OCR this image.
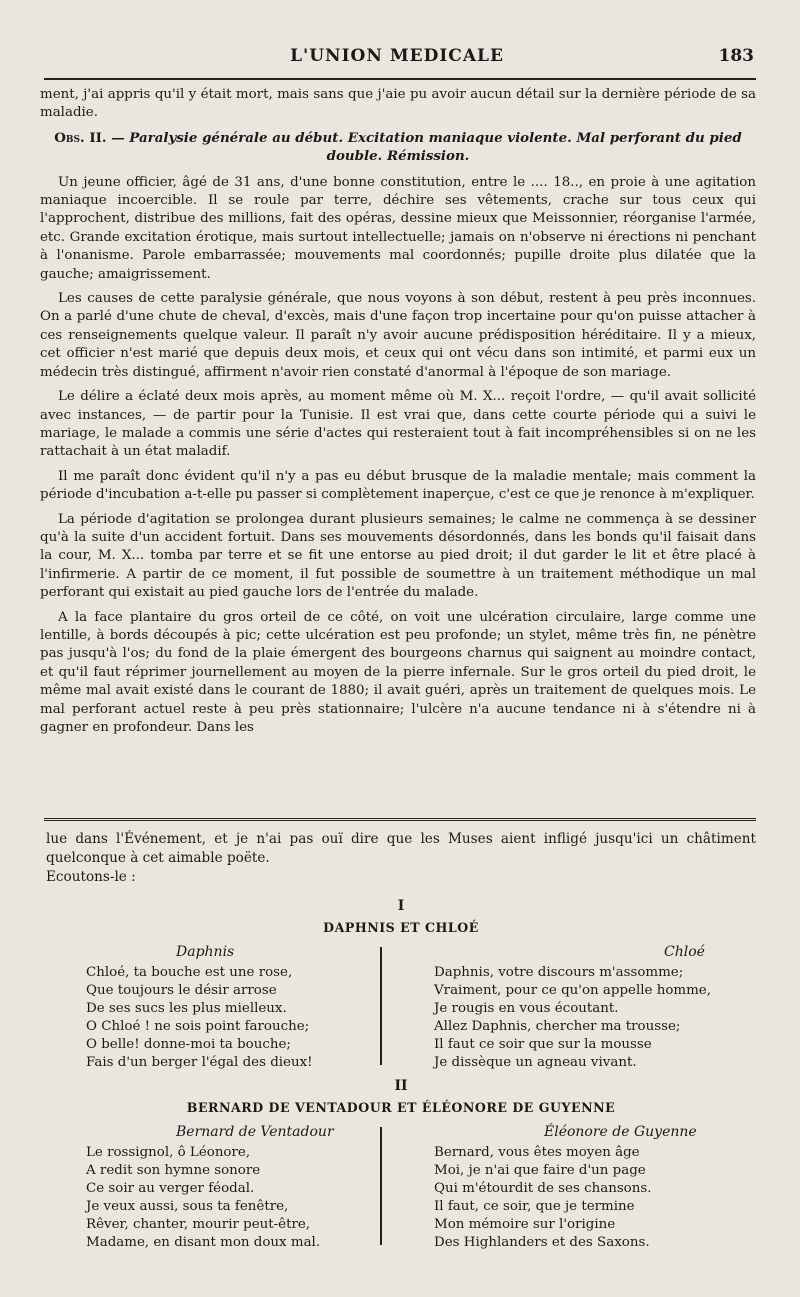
L'UNION MEDICALE	183

ment, j'ai appris qu'il y était mort, mais sans que j'aie pu avoir aucun détail sur la dernière période de sa maladie.

Obs. II. — Paralysie générale au début. Excitation maniaque violente. Mal perforant du pied double. Rémission.

Un jeune officier, âgé de 31 ans, d'une bonne constitution, entre le .... 18.., en proie à une agitation maniaque incoercible. Il se roule par terre, déchire ses vêtements, crache sur tous ceux qui l'approchent, distribue des millions, fait des opéras, dessine mieux que Meissonnier, réorganise l'armée, etc. Grande excitation érotique, mais surtout intellectuelle; jamais on n'observe ni érections ni penchant à l'onanisme. Parole embarrassée; mouvements mal coordonnés; pupille droite plus dilatée que la gauche; amaigrissement.

Les causes de cette paralysie générale, que nous voyons à son début, restent à peu près inconnues. On a parlé d'une chute de cheval, d'excès, mais d'une façon trop incertaine pour qu'on puisse attacher à ces renseignements quelque valeur. Il paraît n'y avoir aucune prédisposition héréditaire. Il y a mieux, cet officier n'est marié que depuis deux mois, et ceux qui ont vécu dans son intimité, et parmi eux un médecin très distingué, affirment n'avoir rien constaté d'anormal à l'époque de son mariage.

Le délire a éclaté deux mois après, au moment même où M. X... reçoit l'ordre, — qu'il avait sollicité avec instances, — de partir pour la Tunisie. Il est vrai que, dans cette courte période qui a suivi le mariage, le malade a commis une série d'actes qui resteraient tout à fait incompréhensibles si on ne les rattachait à un état maladif.

Il me paraît donc évident qu'il n'y a pas eu début brusque de la maladie mentale; mais comment la période d'incubation a-t-elle pu passer si complètement inaperçue, c'est ce que je renonce à m'expliquer.

La période d'agitation se prolongea durant plusieurs semaines; le calme ne commença à se dessiner qu'à la suite d'un accident fortuit. Dans ses mouvements désordonnés, dans les bonds qu'il faisait dans la cour, M. X... tomba par terre et se fit une entorse au pied droit; il dut garder le lit et être placé à l'infirmerie. A partir de ce moment, il fut possible de soumettre à un traitement méthodique un mal perforant qui existait au pied gauche lors de l'entrée du malade.

A la face plantaire du gros orteil de ce côté, on voit une ulcération circulaire, large comme une lentille, à bords découpés à pic; cette ulcération est peu profonde; un stylet, même très fin, ne pénètre pas jusqu'à l'os; du fond de la plaie émergent des bourgeons charnus qui saignent au moindre contact, et qu'il faut réprimer journellement au moyen de la pierre infernale. Sur le gros orteil du pied droit, le même mal avait existé dans le courant de 1880; il avait guéri, après un traitement de quelques mois. Le mal perforant actuel reste à peu près stationnaire; l'ulcère n'a aucune tendance ni à s'étendre ni à gagner en profondeur. Dans les

lue dans l'Événement, et je n'ai pas ouï dire que les Muses aient infligé jusqu'ici un châtiment quelconque à cet aimable poëte.

Ecoutons-le :

I
DAPHNIS ET CHLOÉ
Daphnis
Chloé, ta bouche est une rose,
Que toujours le désir arrose
De ses sucs les plus mielleux.
O Chloé ! ne sois point farouche;
O belle! donne-moi ta bouche;
Fais d'un berger l'égal des dieux!
Chloé
Daphnis, votre discours m'assomme;
Vraiment, pour ce qu'on appelle homme,
Je rougis en vous écoutant.
Allez Daphnis, chercher ma trousse;
Il faut ce soir que sur la mousse
Je dissèque un agneau vivant.
II
BERNARD DE VENTADOUR ET ÉLÉONORE DE GUYENNE
Bernard de Ventadour
Le rossignol, ô Léonore,
A redit son hymne sonore
Ce soir au verger féodal.
Je veux aussi, sous ta fenêtre,
Rêver, chanter, mourir peut-être,
Madame, en disant mon doux mal.
Éléonore de Guyenne
Bernard, vous êtes moyen âge
Moi, je n'ai que faire d'un page
Qui m'étourdit de ses chansons.
Il faut, ce soir, que je termine
Mon mémoire sur l'origine
Des Highlanders et des Saxons.
